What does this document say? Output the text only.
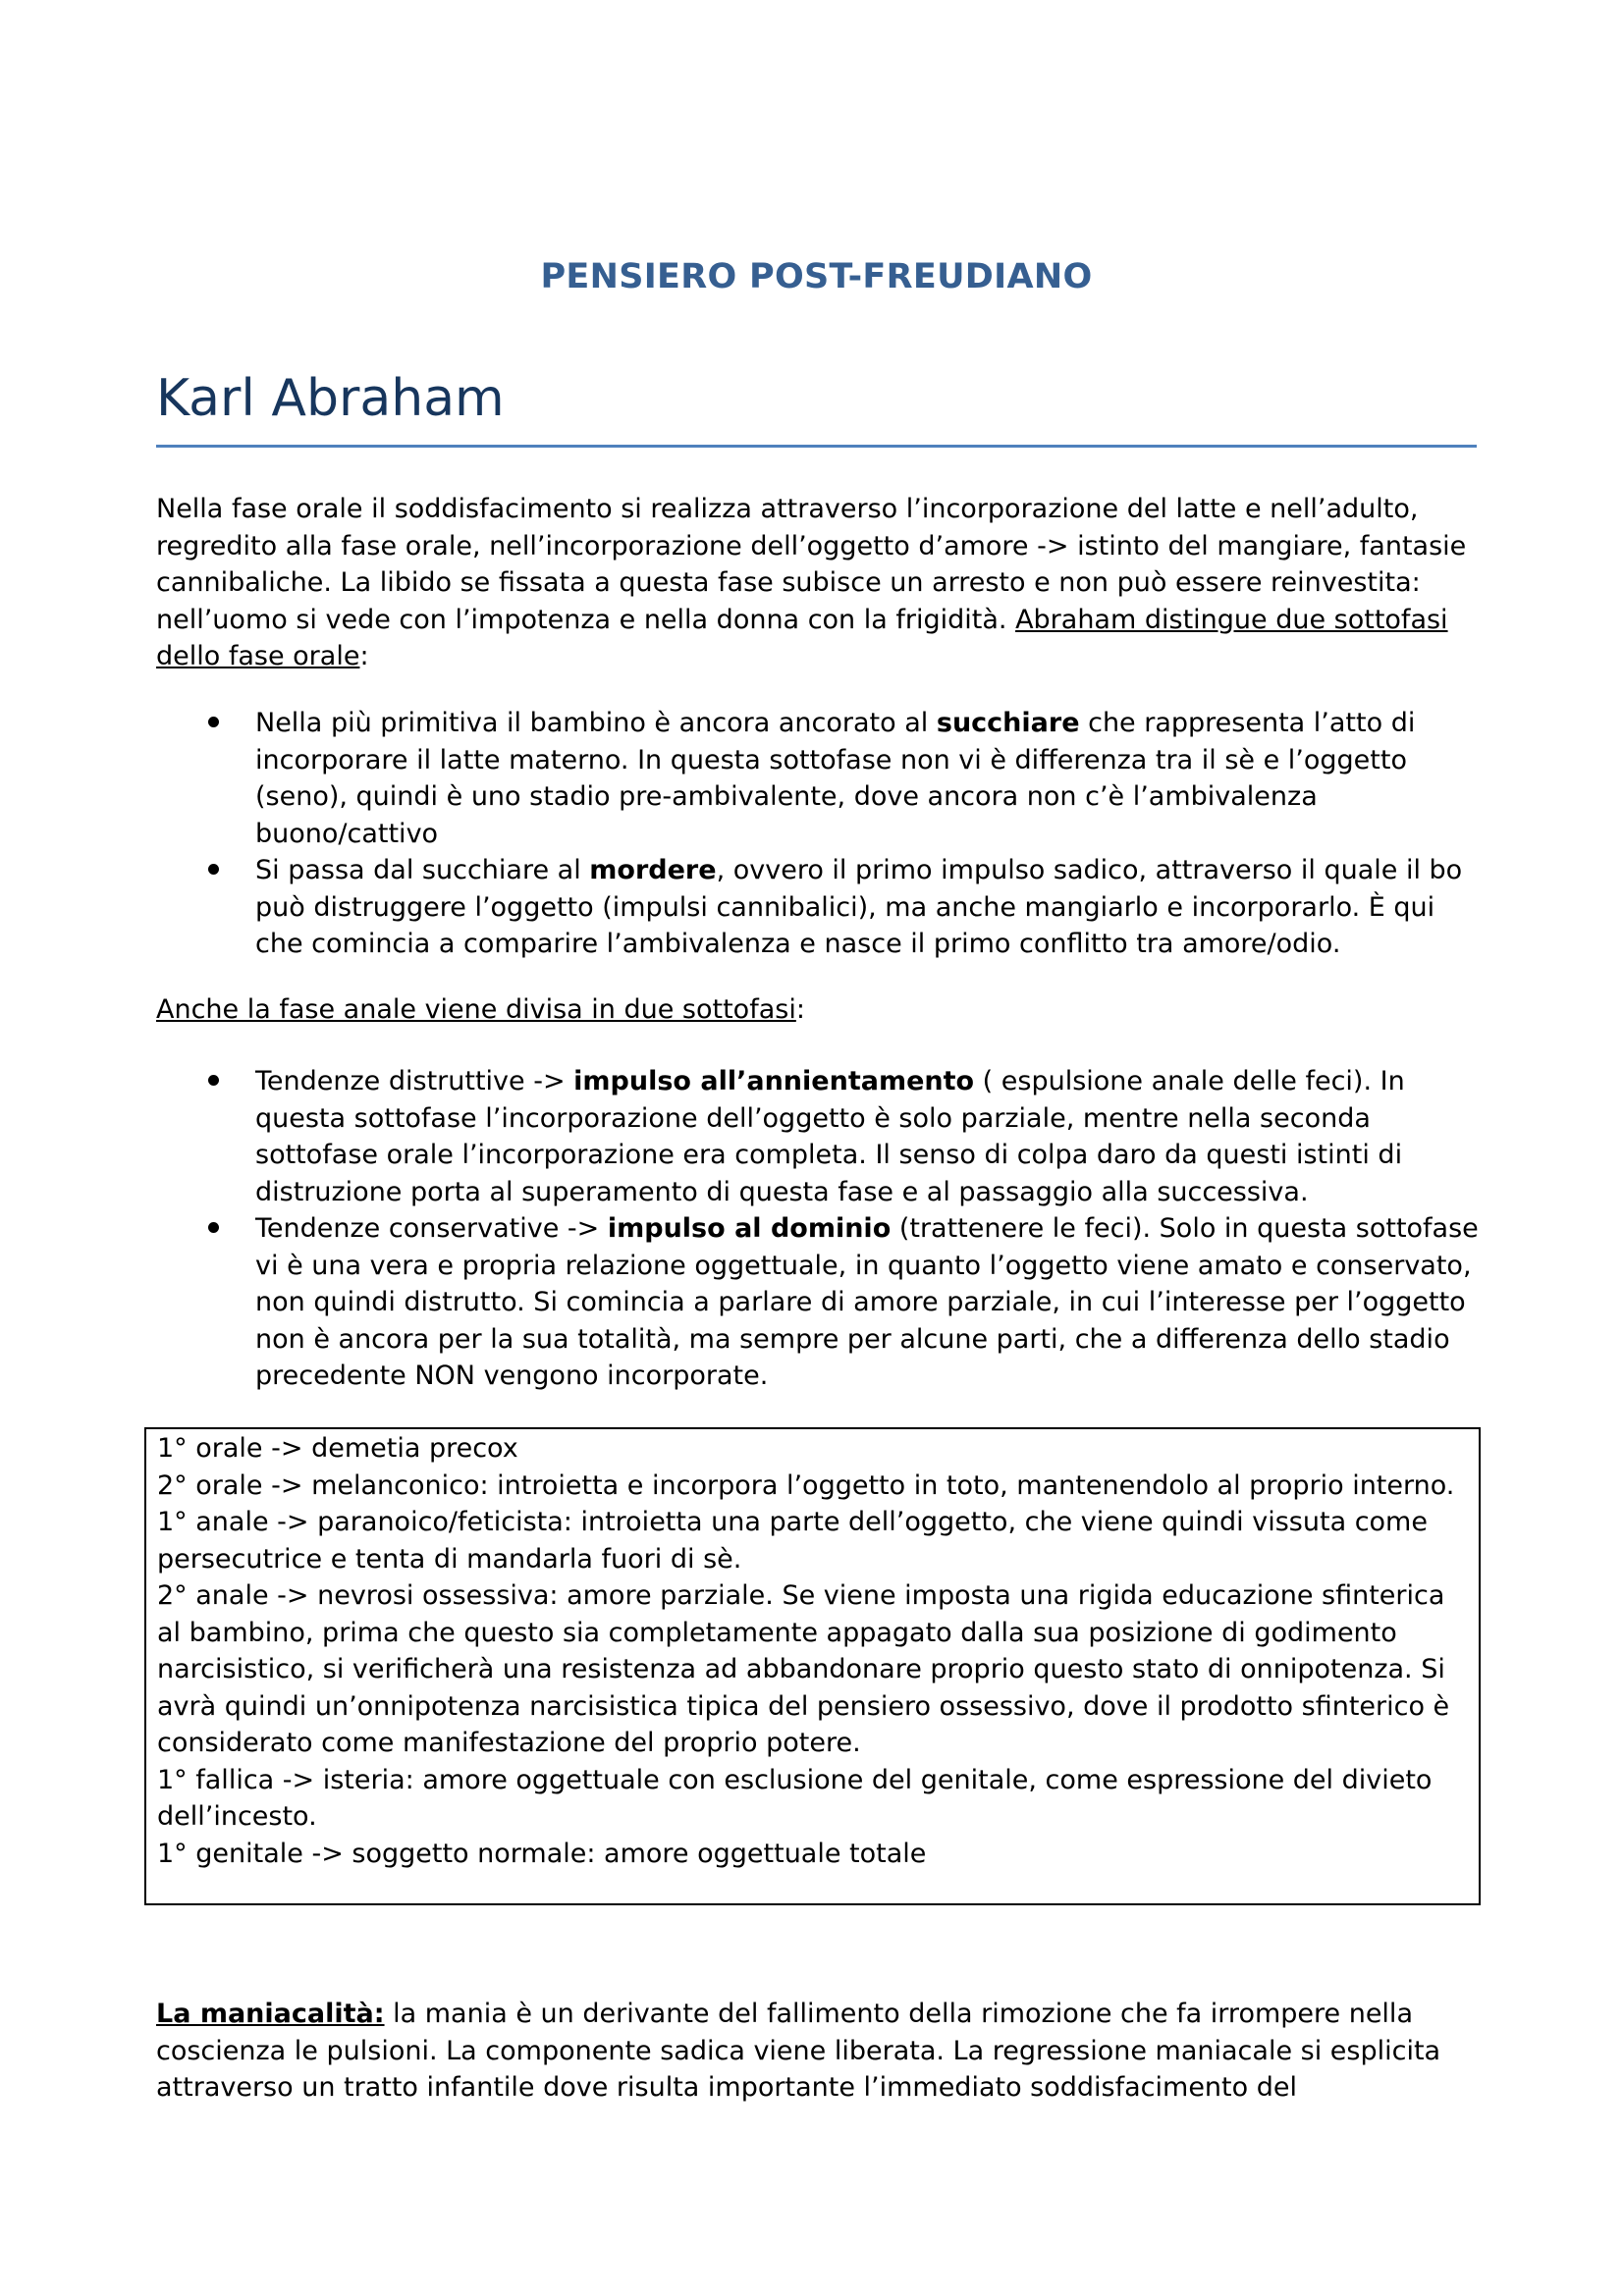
PENSIERO POST-FREUDIANO
Karl Abraham

Nella fase orale il soddisfacimento si realizza attraverso l’incorporazione del latte e nell’adulto, regredito alla fase orale, nell’incorporazione dell’oggetto d’amore -> istinto del mangiare, fantasie cannibaliche. La libido se fissata a questa fase subisce un arresto e non può essere reinvestita: nell’uomo si vede con l’impotenza e nella donna con la frigidità. Abraham distingue due sottofasi dello fase orale:

Nella più primitiva il bambino è ancora ancorato al succhiare che rappresenta l’atto di incorporare il latte materno. In questa sottofase non vi è differenza tra il sè e l’oggetto (seno), quindi è uno stadio pre-ambivalente, dove ancora non c’è l’ambivalenza buono/cattivo
Si passa dal succhiare al mordere, ovvero il primo impulso sadico, attraverso il quale il bo può distruggere l’oggetto (impulsi cannibalici), ma anche mangiarlo e incorporarlo. È qui che comincia a comparire l’ambivalenza e nasce il primo conflitto tra amore/odio.

Anche la fase anale viene divisa in due sottofasi:

Tendenze distruttive -> impulso all’annientamento ( espulsione anale delle feci). In questa sottofase l’incorporazione dell’oggetto è solo parziale, mentre nella seconda sottofase orale l’incorporazione era completa. Il senso di colpa daro da questi istinti di distruzione porta al superamento di questa fase e al passaggio alla successiva.
Tendenze conservative -> impulso al dominio (trattenere le feci). Solo in questa sottofase vi è una vera e propria relazione oggettuale, in quanto l’oggetto viene amato e conservato, non quindi distrutto. Si comincia a parlare di amore parziale, in cui l’interesse per l’oggetto non è ancora per la sua totalità, ma sempre per alcune parti, che a differenza dello stadio precedente NON vengono incorporate.
1° orale -> demetia precox
2° orale -> melanconico: introietta e incorpora l’oggetto in toto, mantenendolo al proprio interno.
1° anale -> paranoico/feticista: introietta una parte dell’oggetto, che viene quindi vissuta come persecutrice e tenta di mandarla fuori di sè.
2° anale -> nevrosi ossessiva: amore parziale. Se viene imposta una rigida educazione sfinterica al bambino, prima che questo sia completamente appagato dalla sua posizione di godimento narcisistico, si verificherà una resistenza ad abbandonare proprio questo stato di onnipotenza. Si avrà quindi un’onnipotenza narcisistica tipica del pensiero ossessivo, dove il prodotto sfinterico è considerato come manifestazione del proprio potere.
1° fallica -> isteria: amore oggettuale con esclusione del genitale, come espressione del divieto dell’incesto.
1° genitale -> soggetto normale: amore oggettuale totale

La maniacalità: la mania è un derivante del fallimento della rimozione che fa irrompere nella coscienza le pulsioni. La componente sadica viene liberata. La regressione maniacale si esplicita attraverso un tratto infantile dove risulta importante l’immediato soddisfacimento del
